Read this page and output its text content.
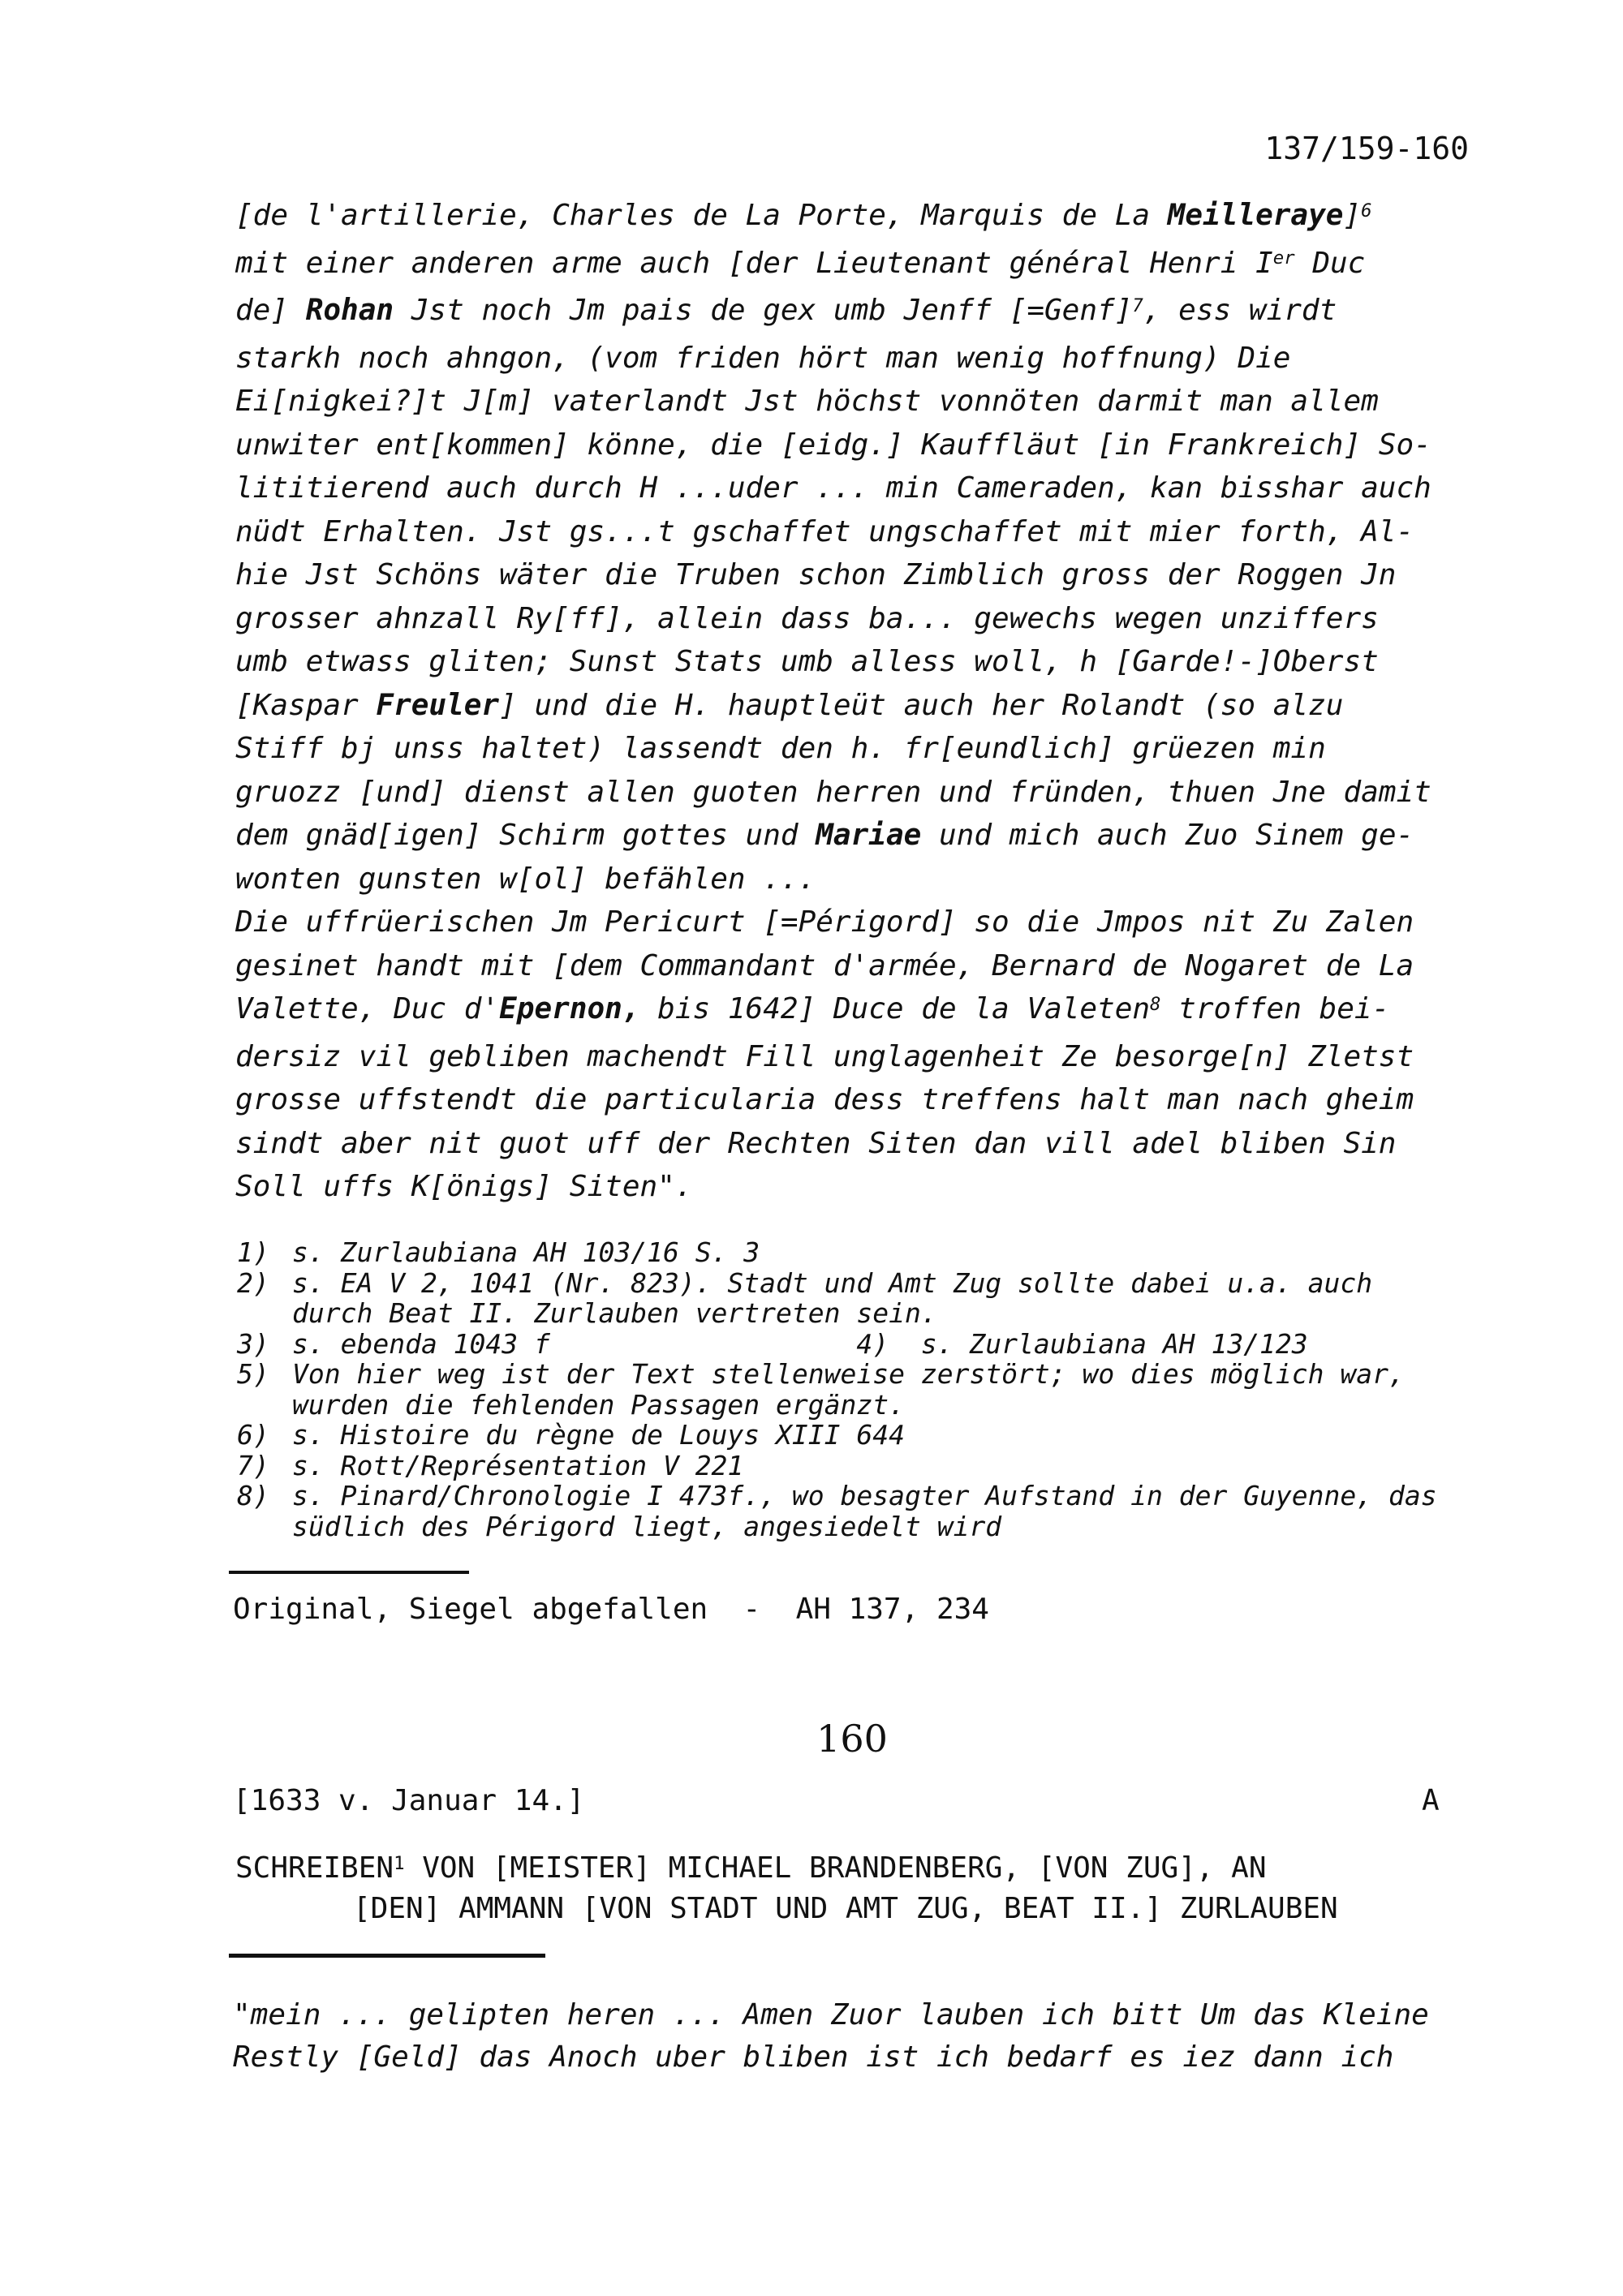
137/159-160
[de l'artillerie, Charles de La Porte, Marquis de La Meilleraye]$^6$
mit einer anderen arme auch [der Lieutenant général Henri Ier Duc
de] Rohan Jst noch Jm pais de gex umb Jenff [=Genf]$^7$, ess wirdt
starkh noch ahngon, (vom friden hört man wenig hoffnung) Die
Ei[nigkei?]t J[m] vaterlandt Jst höchst vonnöten darmit man allem
unwiter ent[kommen] könne, die [eidg.] Kauffläut [in Frankreich] So-
lititierend auch durch H ...uder ... min Cameraden, kan bisshar auch
nüdt Erhalten. Jst gs...t gschaffet ungschaffet mit mier forth, Al-
hie Jst Schöns wäter die Truben schon Zimblich gross der Roggen Jn
grosser ahnzall Ry[ff], allein dass ba... gewechs wegen unziffers
umb etwass gliten; Sunst Stats umb alless woll, h [Garde!-]Oberst
[Kaspar Freuler] und die H. hauptleüt auch her Rolandt (so alzu
Stiff bj unss haltet) lassendt den h. fr[eundlich] grüezen min
gruozz [und] dienst allen guoten herren und fründen, thuen Jne damit
dem gnäd[igen] Schirm gottes und Mariae und mich auch Zuo Sinem ge-
wonten gunsten w[ol] befählen ...
Die uffrüerischen Jm Pericurt [=Périgord] so die Jmpos nit Zu Zalen
gesinet handt mit [dem Commandant d'armée, Bernard de Nogaret de La
Valette, Duc d'Epernon, bis 1642] Duce de la Valeten$^8$ troffen bei-
dersiz vil gebliben machendt Fill unglagenheit Ze besorge[n] Zletst
grosse uffstendt die particularia dess treffens halt man nach gheim
sindt aber nit guot uff der Rechten Siten dan vill adel bliben Sin
Soll uffs K[önigs] Siten".
1) s. Zurlaubiana AH 103/16 S. 3
2) s. EA V 2, 1041 (Nr. 823). Stadt und Amt Zug sollte dabei u.a. auch
durch Beat II. Zurlauben vertreten sein.
3) s. ebenda 1043 f                   4)  s. Zurlaubiana AH 13/123
5) Von hier weg ist der Text stellenweise zerstört; wo dies möglich war,
wurden die fehlenden Passagen ergänzt.
6) s. Histoire du règne de Louys XIII 644
7) s. Rott/Représentation V 221
8) s. Pinard/Chronologie I 473f., wo besagter Aufstand in der Guyenne, das
südlich des Périgord liegt, angesiedelt wird
Original, Siegel abgefallen  -  AH 137, 234
160
[1633 v. Januar 14.]	A
SCHREIBEN$^1$ VON [MEISTER] MICHAEL BRANDENBERG, [VON ZUG], AN
[DEN] AMMANN [VON STADT UND AMT ZUG, BEAT II.] ZURLAUBEN
"mein ... gelipten heren ... Amen Zuor lauben ich bitt Um das Kleine
Restly [Geld] das Anoch uber bliben ist ich bedarf es iez dann ich
